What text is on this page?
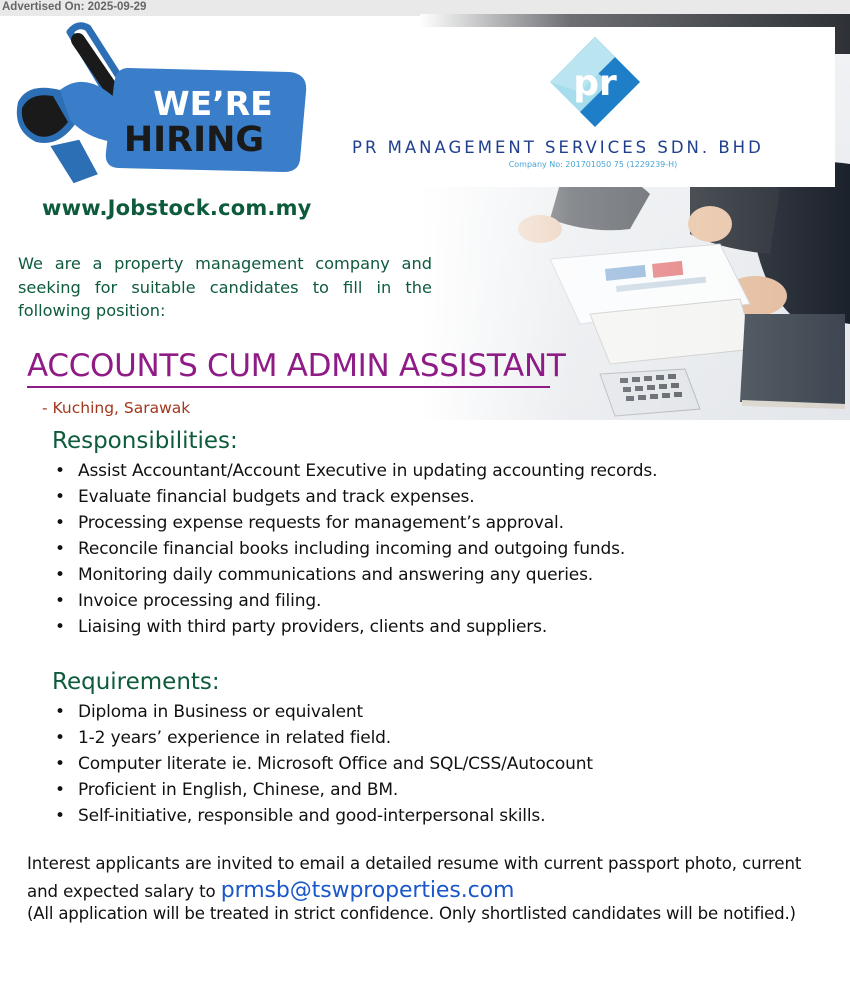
Advertised On: 2025-09-29
pr
PR MANAGEMENT SERVICES SDN. BHD
Company No: 201701050 75 (1229239-H)
WE’RE
HIRING
www.Jobstock.com.my
We are a property management company and seeking for suitable candidates to fill in the following position:
ACCOUNTS CUM ADMIN ASSISTANT
- Kuching, Sarawak
Responsibilities:
• Assist Accountant/Account Executive in updating accounting records.
• Evaluate financial budgets and track expenses.
• Processing expense requests for management’s approval.
• Reconcile financial books including incoming and outgoing funds.
• Monitoring daily communications and answering any queries.
• Invoice processing and filing.
• Liaising with third party providers, clients and suppliers.
Requirements:
• Diploma in Business or equivalent
• 1-2 years’ experience in related field.
• Computer literate ie. Microsoft Office and SQL/CSS/Autocount
• Proficient in English, Chinese, and BM.
• Self-initiative, responsible and good-interpersonal skills.
Interest applicants are invited to email a detailed resume with current passport photo, current and expected salary to prmsb@tswproperties.com
(All application will be treated in strict confidence. Only shortlisted candidates will be notified.)
